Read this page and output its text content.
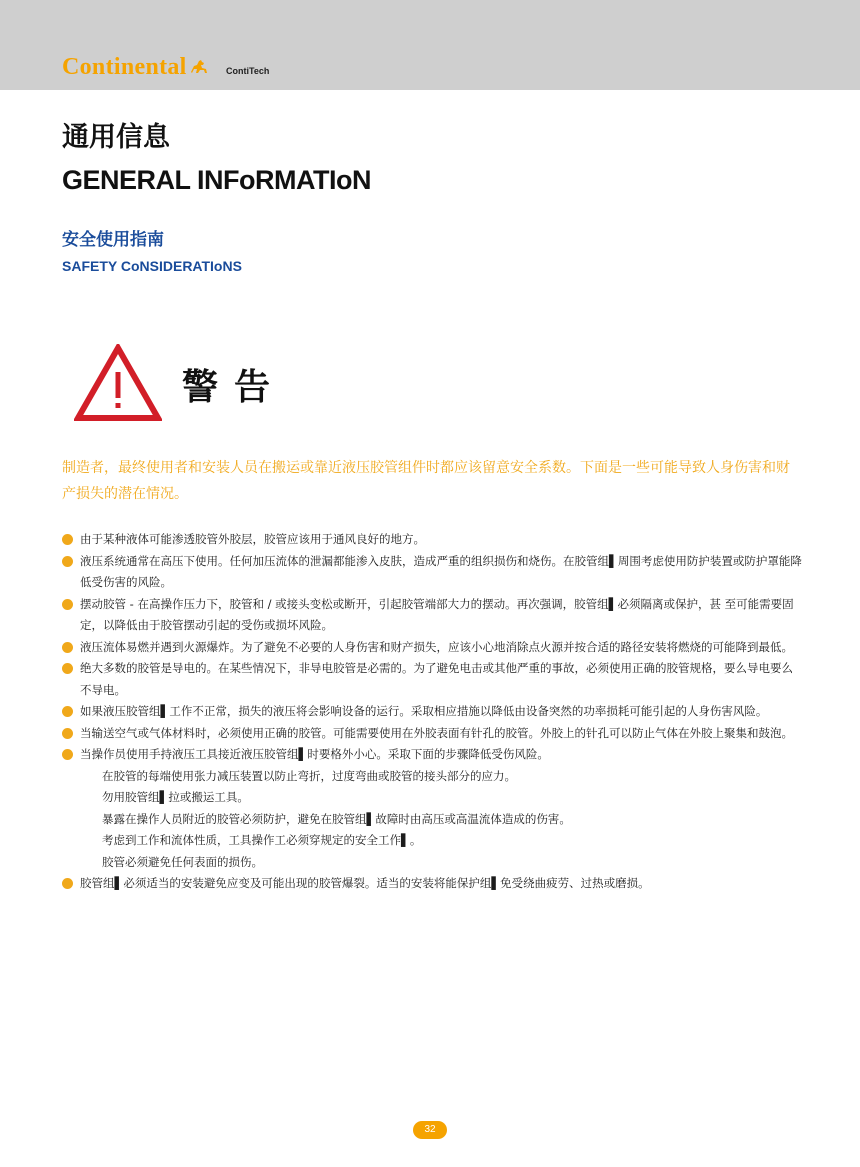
Continental	ContiTech
通用信息
GENERAL INFoRMATIoN
安全使用指南
SAFETY CoNSIDERATIoNS
警告
制造者，最终使用者和安装人员在搬运或靠近液压胶管组件时都应该留意安全系数。下面是一些可能导致人身伤害和财产损失的潜在情况。
由于某种液体可能渗透胶管外胶层，胶管应该用于通风良好的地方。
液压系统通常在高压下使用。任何加压流体的泄漏都能渗入皮肤，造成严重的组织损伤和烧伤。在胶管组▌周围考虑使用防护装置或防护罩能降低受伤害的风险。
摆动胶管 - 在高操作压力下，胶管和 / 或接头变松或断开，引起胶管端部大力的摆动。再次强调，胶管组▌必须隔离或保护，甚 至可能需要固定，以降低由于胶管摆动引起的受伤或损坏风险。
液压流体易燃并遇到火源爆炸。为了避免不必要的人身伤害和财产损失，应该小心地消除点火源并按合适的路径安装将燃烧的可能降到最低。
绝大多数的胶管是导电的。在某些情况下，非导电胶管是必需的。为了避免电击或其他严重的事故，必须使用正确的胶管规格，要么导电要么不导电。
如果液压胶管组▌工作不正常，损失的液压将会影响设备的运行。采取相应措施以降低由设备突然的功率损耗可能引起的人身伤害风险。
当输送空气或气体材料时，必须使用正确的胶管。可能需要使用在外胶表面有针孔的胶管。外胶上的针孔可以防止气体在外胶上聚集和鼓泡。
当操作员使用手持液压工具接近液压胶管组▌时要格外小心。采取下面的步骤降低受伤风险。
在胶管的每端使用张力减压装置以防止弯折，过度弯曲或胶管的接头部分的应力。
勿用胶管组▌拉或搬运工具。
暴露在操作人员附近的胶管必须防护，避免在胶管组▌故障时由高压或高温流体造成的伤害。
考虑到工作和流体性质，工具操作工必须穿规定的安全工作▌。
胶管必须避免任何表面的损伤。
胶管组▌必须适当的安装避免应变及可能出现的胶管爆裂。适当的安装将能保护组▌免受绕曲疲劳、过热或磨损。
32
